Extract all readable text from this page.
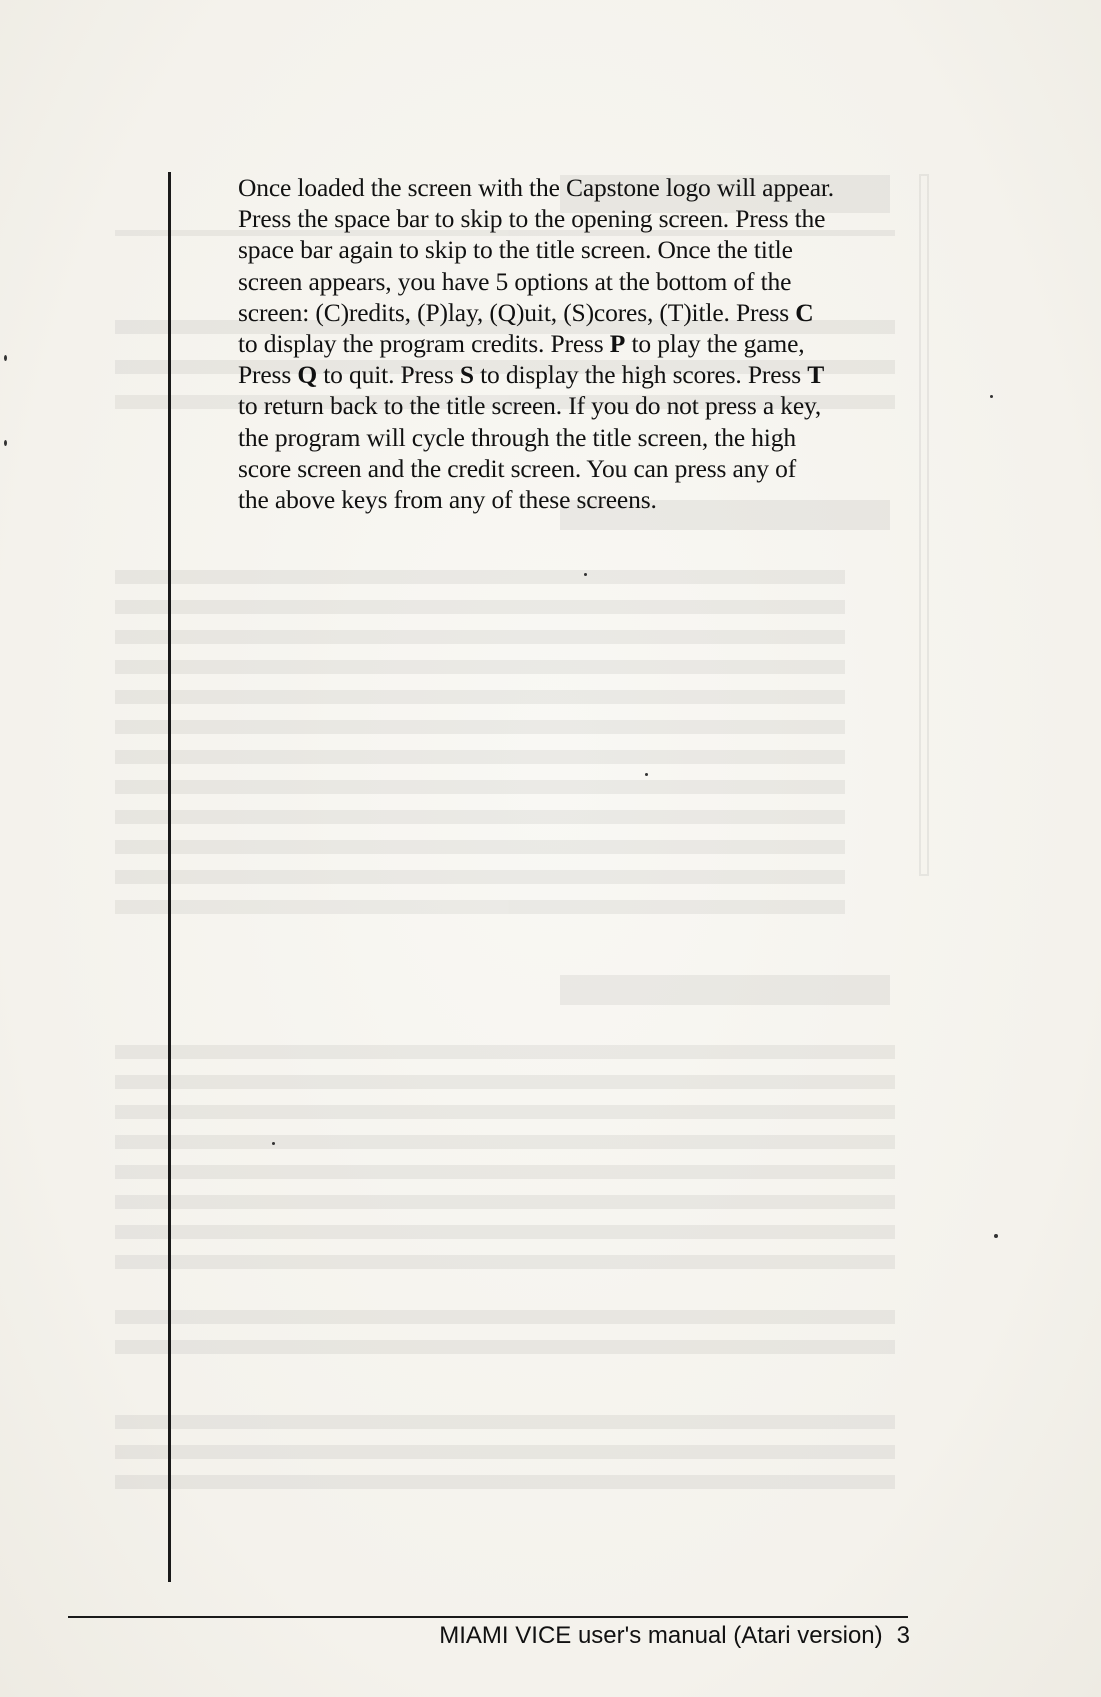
Once loaded the screen with the Capstone logo will appear.

Press the space bar to skip to the opening screen. Press the

space bar again to skip to the title screen. Once the title

screen appears, you have 5 options at the bottom of the

screen: (C)redits, (P)lay, (Q)uit, (S)cores, (T)itle. Press C

to display the program credits. Press P to play the game,

Press Q to quit. Press S to display the high scores. Press T

to return back to the title screen. If you do not press a key,

the program will cycle through the title screen, the high

score screen and the credit screen. You can press any of

the above keys from any of these screens.

MIAMI VICE user's manual (Atari version) 3
